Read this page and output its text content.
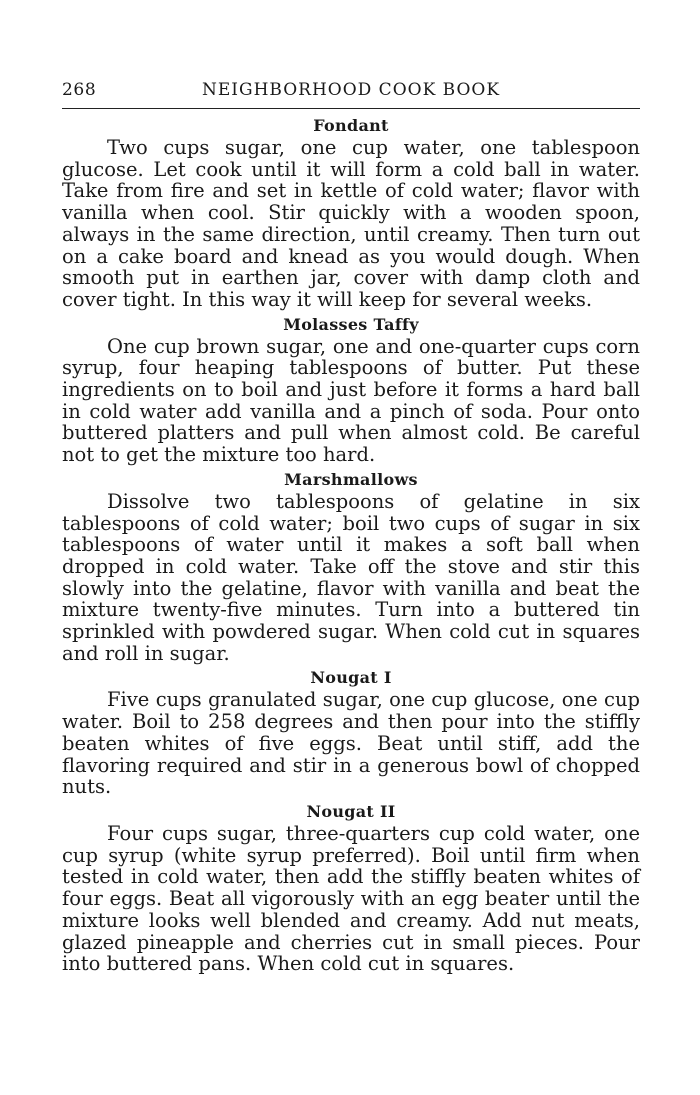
268	NEIGHBORHOOD COOK BOOK
Fondant

Two cups sugar, one cup water, one tablespoon glucose. Let cook until it will form a cold ball in water. Take from fire and set in kettle of cold water; flavor with vanilla when cool. Stir quickly with a wooden spoon, always in the same direction, until creamy. Then turn out on a cake board and knead as you would dough. When smooth put in earthen jar, cover with damp cloth and cover tight. In this way it will keep for several weeks.

Molasses Taffy

One cup brown sugar, one and one-quarter cups corn syrup, four heaping tablespoons of butter. Put these ingredients on to boil and just before it forms a hard ball in cold water add vanilla and a pinch of soda. Pour onto buttered platters and pull when almost cold. Be careful not to get the mixture too hard.

Marshmallows

Dissolve two tablespoons of gelatine in six tablespoons of cold water; boil two cups of sugar in six tablespoons of water until it makes a soft ball when dropped in cold water. Take off the stove and stir this slowly into the gelatine, flavor with vanilla and beat the mixture twenty-five minutes. Turn into a buttered tin sprinkled with powdered sugar. When cold cut in squares and roll in sugar.

Nougat I

Five cups granulated sugar, one cup glucose, one cup water. Boil to 258 degrees and then pour into the stiffly beaten whites of five eggs. Beat until stiff, add the flavoring required and stir in a generous bowl of chopped nuts.

Nougat II

Four cups sugar, three-quarters cup cold water, one cup syrup (white syrup preferred). Boil until firm when tested in cold water, then add the stiffly beaten whites of four eggs. Beat all vigorously with an egg beater until the mixture looks well blended and creamy. Add nut meats, glazed pineapple and cherries cut in small pieces. Pour into buttered pans. When cold cut in squares.
